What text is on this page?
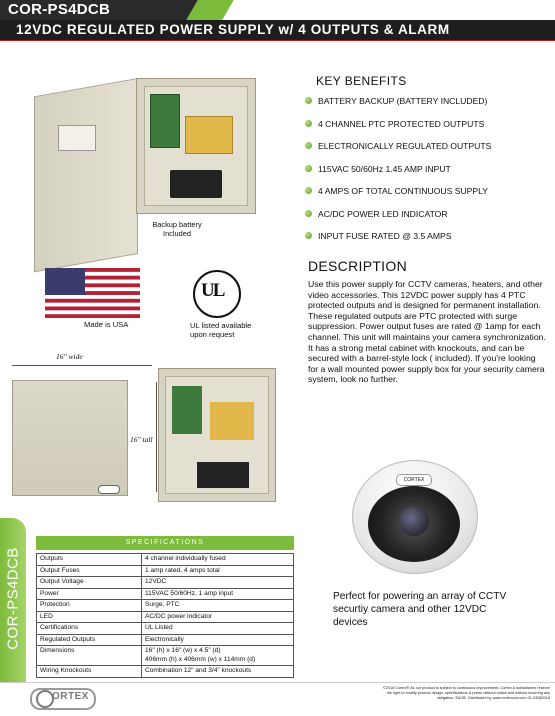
COR-PS4DCB
12VDC REGULATED POWER SUPPLY w/ 4 OUTPUTS & ALARM
Backup battery Included
KEY BENEFITS
BATTERY BACKUP (BATTERY INCLUDED)
4 CHANNEL PTC PROTECTED OUTPUTS
ELECTRONICALLY REGULATED OUTPUTS
115VAC 50/60Hz 1.45 AMP INPUT
4 AMPS OF TOTAL CONTINUOUS SUPPLY
AC/DC POWER LED INDICATOR
INPUT FUSE RATED @ 3.5 AMPS
Made is USA
UL
UL listed available upon request
DESCRIPTION
Use this power supply for CCTV cameras, heaters, and other video accessories. This 12VDC power supply has 4 PTC protected outputs and is designed for permanent installation. These regulated outputs are PTC protected with surge suppression. Power output fuses are rated @ 1amp for each channel. This unit will maintains your camera synchronization. It has a strong metal cabinet with knockouts, and can be secured with a barrel-style lock ( included). If you're looking for a wall mounted power supply box for your security camera system, look no further.
16" wide
16" tall
COR-PS4DCB
SPECIFICATIONS
Outputs	4 channel individually fused
Output Fuses	1 amp rated, 4 amps total
Output Voltage	12VDC
Power	115VAC 50/60Hz, 1 amp input
Protection	Surge, PTC
LED	AC/DC power indicator
Certifications	UL Listed
Regulated Outputs	Electronically
Dimensions	16" (h) x 16" (w) x 4.5" (d)
406mm (h) x 406mm (w) x 114mm (d)
Wiring Knockouts	Combination 12" and 3/4" knockouts
CORTEX
Perfect for powering an array of CCTV securtiy camera and other 12VDC devices
ORTEX
©2016 Cortex® As our product is subject to continuous improvement, Cortex & subsidiaries reserve the right to modify product design, specifications & prices without notice and without incurring any obligation. E&OE. Distributed by www.cortexcctv.com 01-03082016
